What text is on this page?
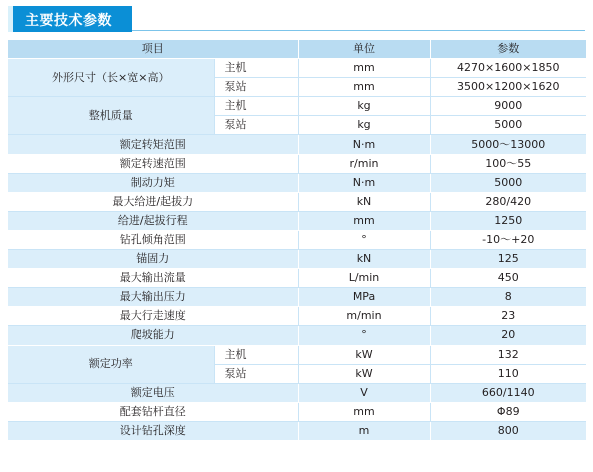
主要技术参数
项目		单位	参数
外形尺寸（长×宽×高）	主机	mm	4270×1600×1850
	泵站	mm	3500×1200×1620
整机质量	主机	kg	9000
	泵站	kg	5000
额定转矩范围		N·m	5000～13000
额定转速范围		r/min	100～55
制动力矩		N·m	5000
最大给进/起拔力		kN	280/420
给进/起拔行程		mm	1250
钻孔倾角范围		°	-10～+20
锚固力		kN	125
最大输出流量		L/min	450
最大输出压力		MPa	8
最大行走速度		m/min	23
爬坡能力		°	20
额定功率	主机	kW	132
	泵站	kW	110
额定电压		V	660/1140
配套钻杆直径		mm	Φ89
设计钻孔深度		m	800
